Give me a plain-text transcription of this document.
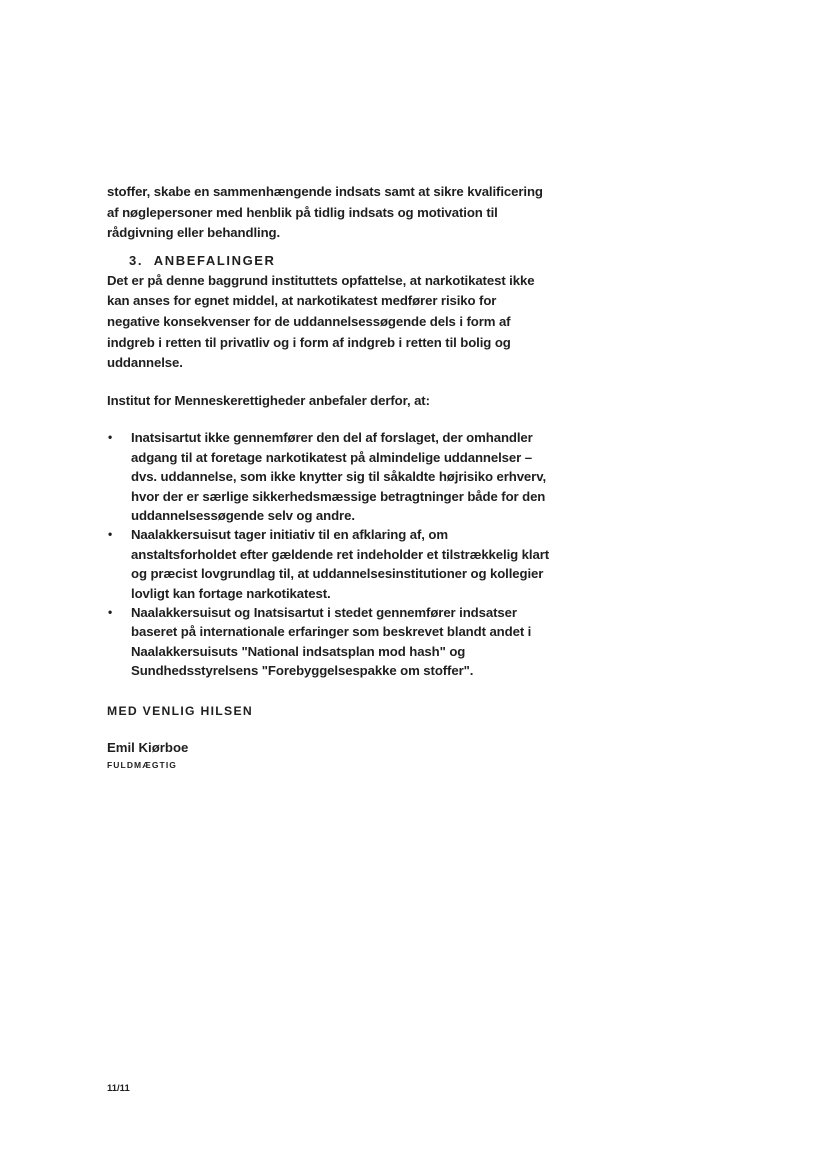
stoffer, skabe en sammenhængende indsats samt at sikre kvalificering af nøglepersoner med henblik på tidlig indsats og motivation til rådgivning eller behandling.

3. ANBEFALINGER

Det er på denne baggrund instituttets opfattelse, at narkotikatest ikke kan anses for egnet middel, at narkotikatest medfører risiko for negative konsekvenser for de uddannelsessøgende dels i form af indgreb i retten til privatliv og i form af indgreb i retten til bolig og uddannelse.

Institut for Menneskerettigheder anbefaler derfor, at:

• Inatsisartut ikke gennemfører den del af forslaget, der omhandler adgang til at foretage narkotikatest på almindelige uddannelser – dvs. uddannelse, som ikke knytter sig til såkaldte højrisiko erhverv, hvor der er særlige sikkerhedsmæssige betragtninger både for den uddannelsessøgende selv og andre.
• Naalakkersuisut tager initiativ til en afklaring af, om anstaltsforholdet efter gældende ret indeholder et tilstrækkelig klart og præcist lovgrundlag til, at uddannelsesinstitutioner og kollegier lovligt kan fortage narkotikatest.
• Naalakkersuisut og Inatsisartut i stedet gennemfører indsatser baseret på internationale erfaringer som beskrevet blandt andet i Naalakkersuisuts "National indsatsplan mod hash" og Sundhedsstyrelsens "Forebyggelsespakke om stoffer".
MED VENLIG HILSEN
Emil Kiørboe
FULDMÆGTIG
11/11
